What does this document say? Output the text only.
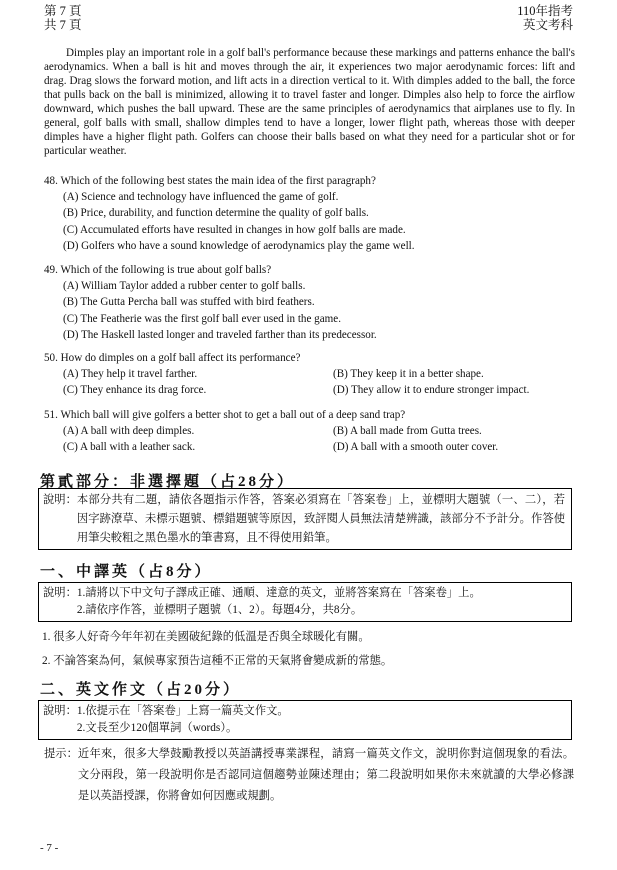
第 7 頁
共 7 頁
110年指考
英文考科

Dimples play an important role in a golf ball's performance because these markings and patterns enhance the ball's aerodynamics. When a ball is hit and moves through the air, it experiences two major aerodynamic forces: lift and drag. Drag slows the forward motion, and lift acts in a direction vertical to it. With dimples added to the ball, the force that pulls back on the ball is minimized, allowing it to travel faster and longer. Dimples also help to force the airflow downward, which pushes the ball upward. These are the same principles of aerodynamics that airplanes use to fly. In general, golf balls with small, shallow dimples tend to have a longer, lower flight path, whereas those with deeper dimples have a higher flight path. Golfers can choose their balls based on what they need for a particular shot or for particular weather.

48. Which of the following best states the main idea of the first paragraph?
(A) Science and technology have influenced the game of golf.
(B) Price, durability, and function determine the quality of golf balls.
(C) Accumulated efforts have resulted in changes in how golf balls are made.
(D) Golfers who have a sound knowledge of aerodynamics play the game well.
49. Which of the following is true about golf balls?
(A) William Taylor added a rubber center to golf balls.
(B) The Gutta Percha ball was stuffed with bird feathers.
(C) The Featherie was the first golf ball ever used in the game.
(D) The Haskell lasted longer and traveled farther than its predecessor.
50. How do dimples on a golf ball affect its performance?
(A) They help it travel farther.	(B) They keep it in a better shape.
(C) They enhance its drag force.	(D) They allow it to endure stronger impact.
51. Which ball will give golfers a better shot to get a ball out of a deep sand trap?
(A) A ball with deep dimples.	(B) A ball made from Gutta trees.
(C) A ball with a leather sack.	(D) A ball with a smooth outer cover.
第貳部分：非選擇題（占28分）
說明： 本部分共有二題，請依各題指示作答，答案必須寫在「答案卷」上，並標明大題號（一、二），若因字跡潦草、未標示題號、標錯題號等原因，致評閱人員無法清楚辨識，該部分不予計分。作答使用筆尖較粗之黑色墨水的筆書寫，且不得使用鉛筆。
一、中譯英（占8分）
說明： 1.請將以下中文句子譯成正確、通順、達意的英文，並將答案寫在「答案卷」上。
2.請依序作答，並標明子題號（1、2）。每題4分，共8分。
1. 很多人好奇今年年初在美國破紀錄的低溫是否與全球暖化有關。
2. 不論答案為何，氣候專家預告這種不正常的天氣將會變成新的常態。
二、英文作文（占20分）
說明： 1.依提示在「答案卷」上寫一篇英文作文。
2.文長至少120個單詞（words）。
提示： 近年來，很多大學鼓勵教授以英語講授專業課程，請寫一篇英文作文，說明你對這個現象的看法。文分兩段，第一段說明你是否認同這個趨勢並陳述理由；第二段說明如果你未來就讀的大學必修課是以英語授課，你將會如何因應或規劃。
- 7 -
